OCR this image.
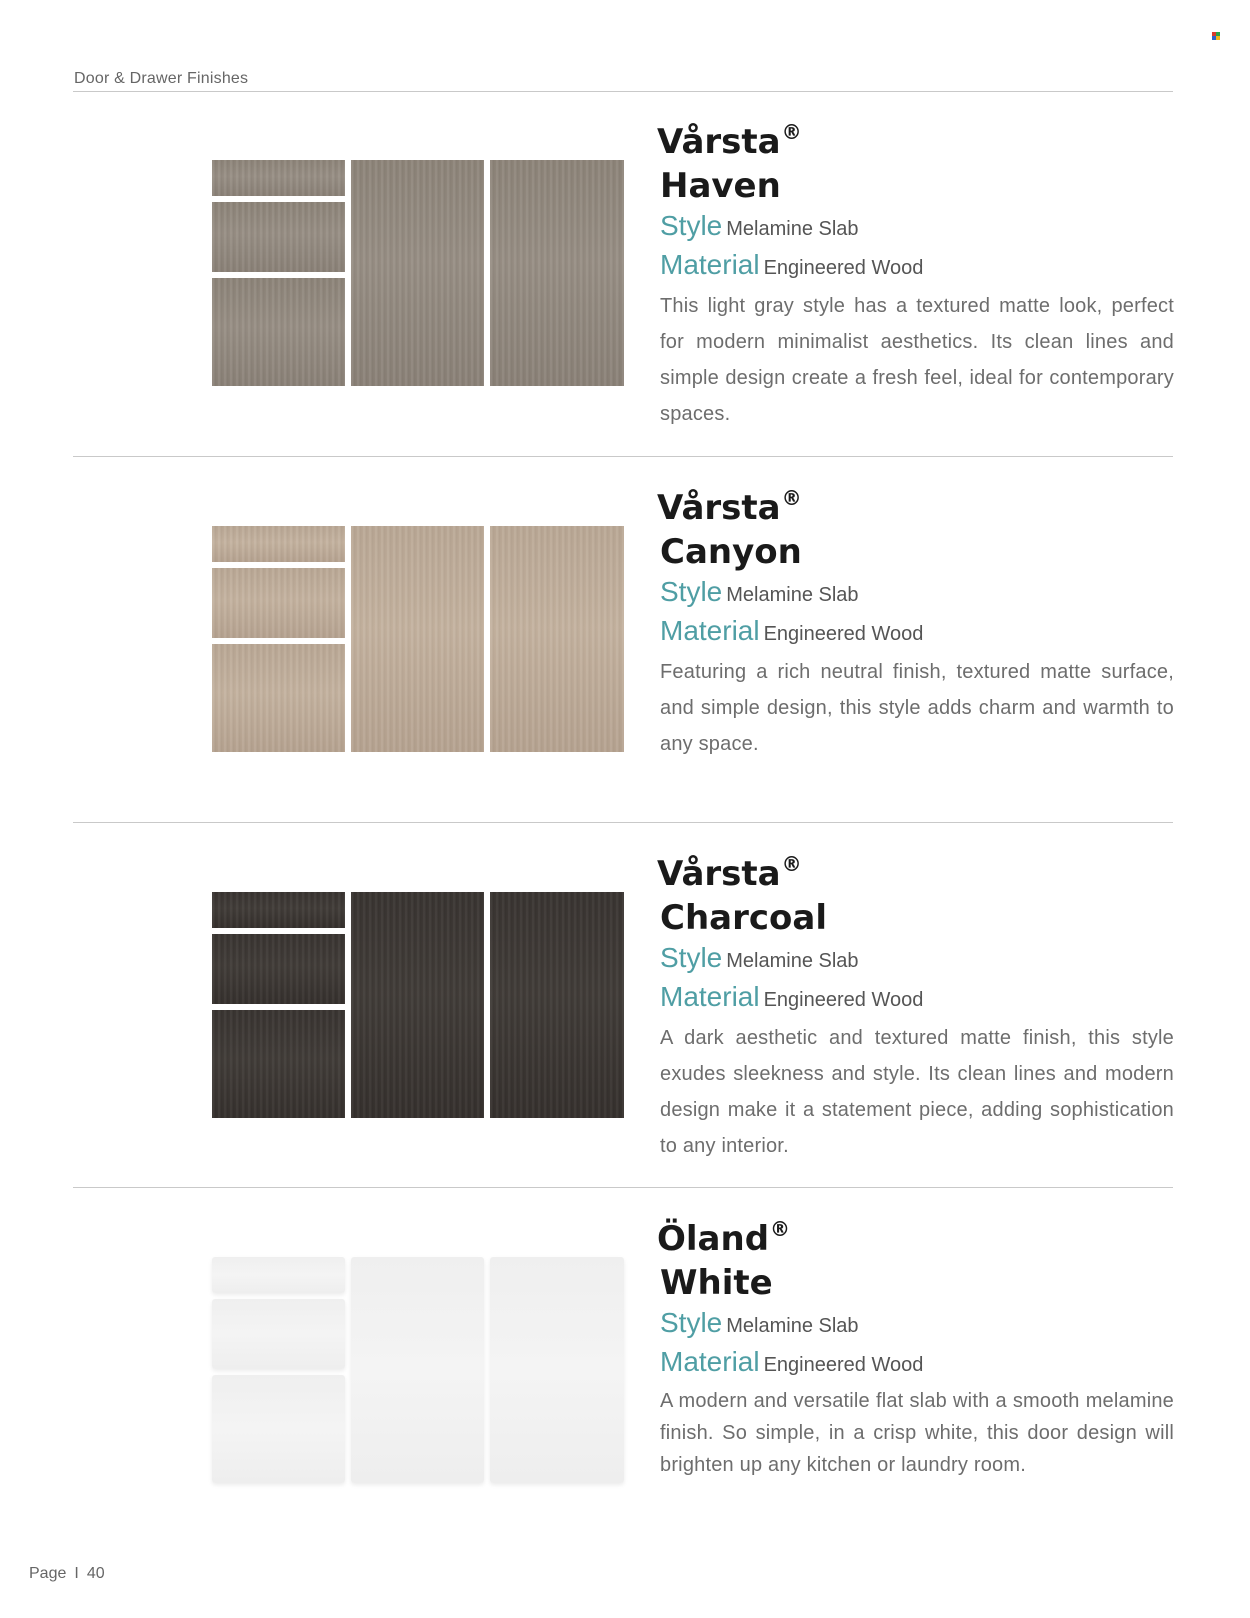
Door & Drawer Finishes
Vårsta®
Haven
Style Melamine Slab
Material Engineered Wood
This light gray style has a textured matte look, perfect for modern minimalist aesthetics. Its clean lines and simple design create a fresh feel, ideal for contemporary spaces.
Vårsta®
Canyon
Style Melamine Slab
Material Engineered Wood
Featuring a rich neutral finish, textured matte surface, and simple design, this style adds charm and warmth to any space.
Vårsta®
Charcoal
Style Melamine Slab
Material Engineered Wood
A dark aesthetic and textured matte finish, this style exudes sleekness and style. Its clean lines and modern design make it a statement piece, adding sophistication to any interior.
Öland®
White
Style Melamine Slab
Material Engineered Wood
A modern and versatile flat slab with a smooth melamine finish. So simple, in a crisp white, this door design will brighten up any kitchen or laundry room.
Page I 40
